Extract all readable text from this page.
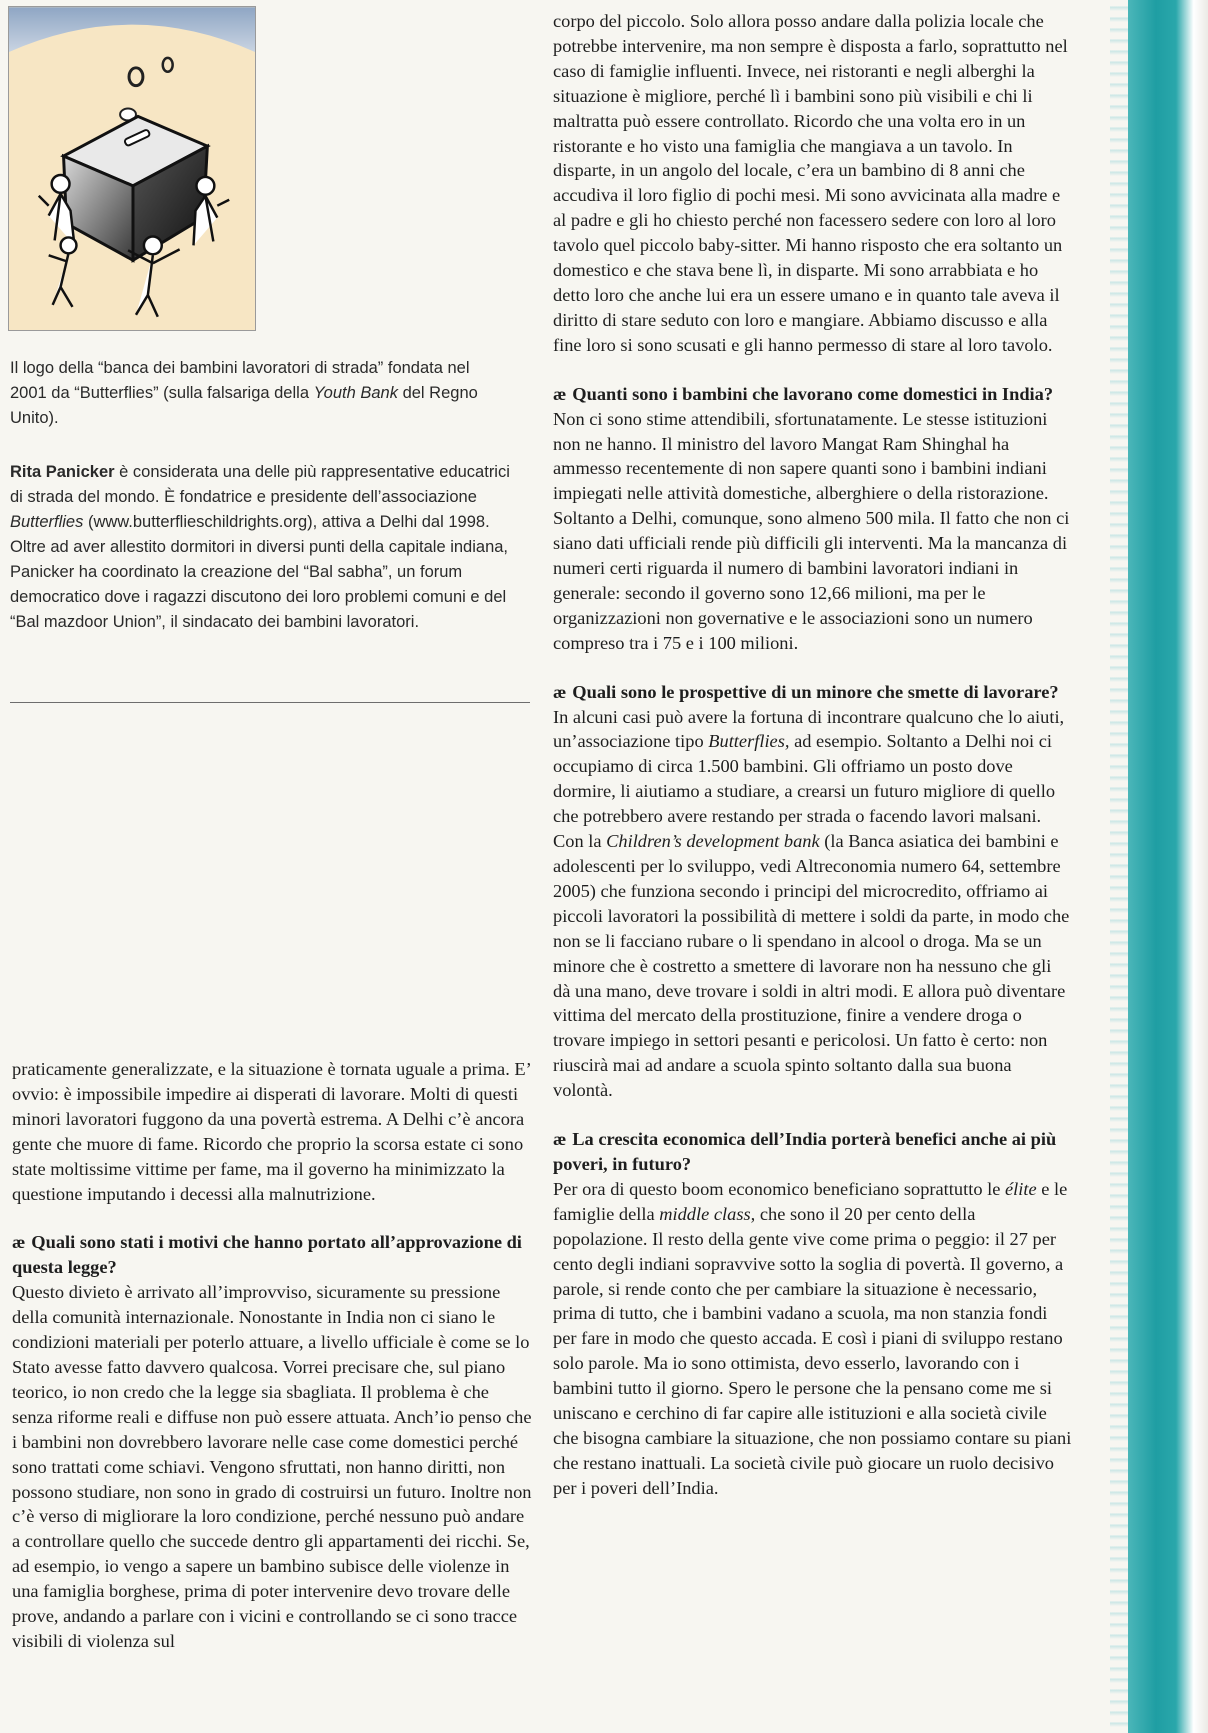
Il logo della “banca dei bambini lavoratori di strada” fondata nel 2001 da “Butterflies” (sulla falsariga della Youth Bank del Regno Unito).

Rita Panicker è considerata una delle più rappresentative educatrici di strada del mondo. È fondatrice e presidente dell’associazione Butterflies (www.butterflieschildrights.org), attiva a Delhi dal 1998. Oltre ad aver allestito dormitori in diversi punti della capitale indiana, Panicker ha coordinato la creazione del “Bal sabha”, un forum democratico dove i ragazzi discutono dei loro problemi comuni e del “Bal mazdoor Union”, il sindacato dei bambini lavoratori.

praticamente generalizzate, e la situazione è tornata uguale a prima. E’ ovvio: è impossibile impedire ai disperati di lavorare. Molti di questi minori lavoratori fuggono da una povertà estrema. A Delhi c’è ancora gente che muore di fame. Ricordo che proprio la scorsa estate ci sono state moltissime vittime per fame, ma il governo ha minimizzato la questione imputando i decessi alla malnutrizione.

æ Quali sono stati i motivi che hanno portato all’approvazione di questa legge?

Questo divieto è arrivato all’improvviso, sicuramente su pressione della comunità internazionale. Nonostante in India non ci siano le condizioni materiali per poterlo attuare, a livello ufficiale è come se lo Stato avesse fatto davvero qualcosa. Vorrei precisare che, sul piano teorico, io non credo che la legge sia sbagliata. Il problema è che senza riforme reali e diffuse non può essere attuata. Anch’io penso che i bambini non dovrebbero lavorare nelle case come domestici perché sono trattati come schiavi. Vengono sfruttati, non hanno diritti, non possono studiare, non sono in grado di costruirsi un futuro. Inoltre non c’è verso di migliorare la loro condizione, perché nessuno può andare a controllare quello che succede dentro gli appartamenti dei ricchi. Se, ad esempio, io vengo a sapere un bambino subisce delle violenze in una famiglia borghese, prima di poter intervenire devo trovare delle prove, andando a parlare con i vicini e controllando se ci sono tracce visibili di violenza sul

corpo del piccolo. Solo allora posso andare dalla polizia locale che potrebbe intervenire, ma non sempre è disposta a farlo, soprattutto nel caso di famiglie influenti. Invece, nei ristoranti e negli alberghi la situazione è migliore, perché lì i bambini sono più visibili e chi li maltratta può essere controllato. Ricordo che una volta ero in un ristorante e ho visto una famiglia che mangiava a un tavolo. In disparte, in un angolo del locale, c’era un bambino di 8 anni che accudiva il loro figlio di pochi mesi. Mi sono avvicinata alla madre e al padre e gli ho chiesto perché non facessero sedere con loro al loro tavolo quel piccolo baby-sitter. Mi hanno risposto che era soltanto un domestico e che stava bene lì, in disparte. Mi sono arrabbiata e ho detto loro che anche lui era un essere umano e in quanto tale aveva il diritto di stare seduto con loro e mangiare. Abbiamo discusso e alla fine loro si sono scusati e gli hanno permesso di stare al loro tavolo.

æ Quanti sono i bambini che lavorano come domestici in India?

Non ci sono stime attendibili, sfortunatamente. Le stesse istituzioni non ne hanno. Il ministro del lavoro Mangat Ram Shinghal ha ammesso recentemente di non sapere quanti sono i bambini indiani impiegati nelle attività domestiche, alberghiere o della ristorazione. Soltanto a Delhi, comunque, sono almeno 500 mila. Il fatto che non ci siano dati ufficiali rende più difficili gli interventi. Ma la mancanza di numeri certi riguarda il numero di bambini lavoratori indiani in generale: secondo il governo sono 12,66 milioni, ma per le organizzazioni non governative e le associazioni sono un numero compreso tra i 75 e i 100 milioni.

æ Quali sono le prospettive di un minore che smette di lavorare?

In alcuni casi può avere la fortuna di incontrare qualcuno che lo aiuti, un’associazione tipo Butterflies, ad esempio. Soltanto a Delhi noi ci occupiamo di circa 1.500 bambini. Gli offriamo un posto dove dormire, li aiutiamo a studiare, a crearsi un futuro migliore di quello che potrebbero avere restando per strada o facendo lavori malsani. Con la Children’s development bank (la Banca asiatica dei bambini e adolescenti per lo sviluppo, vedi Altreconomia numero 64, settembre 2005) che funziona secondo i principi del microcredito, offriamo ai piccoli lavoratori la possibilità di mettere i soldi da parte, in modo che non se li facciano rubare o li spendano in alcool o droga. Ma se un minore che è costretto a smettere di lavorare non ha nessuno che gli dà una mano, deve trovare i soldi in altri modi. E allora può diventare vittima del mercato della prostituzione, finire a vendere droga o trovare impiego in settori pesanti e pericolosi. Un fatto è certo: non riuscirà mai ad andare a scuola spinto soltanto dalla sua buona volontà.

æ La crescita economica dell’India porterà benefici anche ai più poveri, in futuro?

Per ora di questo boom economico beneficiano soprattutto le élite e le famiglie della middle class, che sono il 20 per cento della popolazione. Il resto della gente vive come prima o peggio: il 27 per cento degli indiani sopravvive sotto la soglia di povertà. Il governo, a parole, si rende conto che per cambiare la situazione è necessario, prima di tutto, che i bambini vadano a scuola, ma non stanzia fondi per fare in modo che questo accada. E così i piani di sviluppo restano solo parole. Ma io sono ottimista, devo esserlo, lavorando con i bambini tutto il giorno. Spero le persone che la pensano come me si uniscano e cerchino di far capire alle istituzioni e alla società civile che bisogna cambiare la situazione, che non possiamo contare su piani che restano inattuali. La società civile può giocare un ruolo decisivo per i poveri dell’India.
